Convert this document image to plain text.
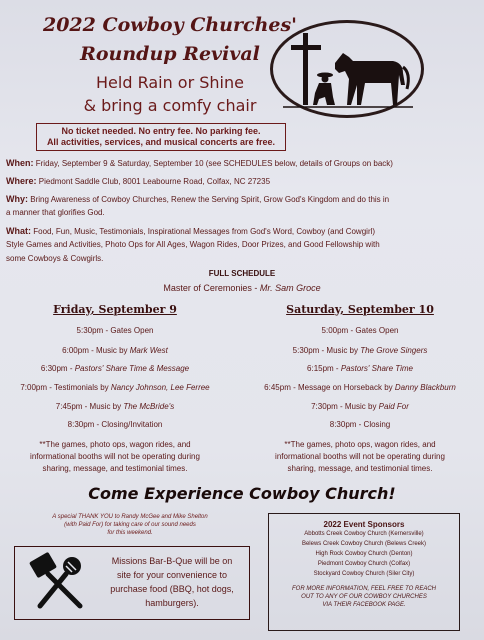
2022 Cowboy Churches'
Roundup Revival
Held Rain or Shine
& bring a comfy chair
No ticket needed. No entry fee. No parking fee.
All activities, services, and musical concerts are free.
When: Friday, September 9 & Saturday, September 10 (see SCHEDULES below, details of Groups on back)
Where: Piedmont Saddle Club, 8001 Leabourne Road, Colfax, NC 27235
Why: Bring Awareness of Cowboy Churches, Renew the Serving Spirit, Grow God's Kingdom and do this in
a manner that glorifies God.
What: Food, Fun, Music, Testimonials, Inspirational Messages from God's Word, Cowboy (and Cowgirl)
Style Games and Activities, Photo Ops for All Ages, Wagon Rides, Door Prizes, and Good Fellowship with
some Cowboys & Cowgirls.
FULL SCHEDULE
Master of Ceremonies - Mr. Sam Groce
Friday, September 9
5:30pm - Gates Open
6:00pm - Music by Mark West
6:30pm - Pastors' Share Time & Message
7:00pm - Testimonials by Nancy Johnson, Lee Ferree
7:45pm - Music by The McBride's
8:30pm - Closing/Invitation
**The games, photo ops, wagon rides, and
informational booths will not be operating during
sharing, message, and testimonial times.
Saturday, September 10
5:00pm - Gates Open
5:30pm - Music by The Grove Singers
6:15pm - Pastors' Share Time
6:45pm - Message on Horseback by Danny Blackburn
7:30pm - Music by Paid For
8:30pm - Closing
**The games, photo ops, wagon rides, and
informational booths will not be operating during
sharing, message, and testimonial times.
Come Experience Cowboy Church!
A special THANK YOU to Randy McGee and Mike Shelton
(with Paid For) for taking care of our sound needs
for this weekend.
Missions Bar-B-Que will be on
site for your convenience to
purchase food (BBQ, hot dogs,
hamburgers).
2022 Event Sponsors
Abbotts Creek Cowboy Church (Kernersville)
Belews Creek Cowboy Church (Belews Creek)
High Rock Cowboy Church (Denton)
Piedmont Cowboy Church (Colfax)
Stockyard Cowboy Church (Siler City)
FOR MORE INFORMATION, FEEL FREE TO REACH
OUT TO ANY OF OUR COWBOY CHURCHES
VIA THEIR FACEBOOK PAGE.
